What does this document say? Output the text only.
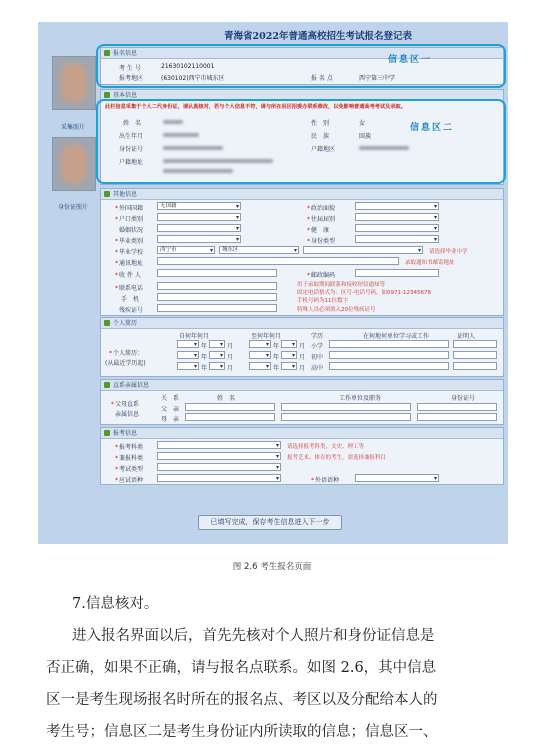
青海省2022年普通高校招生考试报名登记表
采集照片
身份证照片
报名信息
考 生 号	21630102110001
报考地区	(630102)西宁市城东区	报 名 点	西宁第三中学
基本信息
此栏信息采集于个人二代身份证，请认真核对，若与个人信息不符，请与所在县区招委办联系修改，以免影响普通高考考试及录取。
姓　名	性　别	女
出生年月	民　族	回族
身份证号	户籍地区
户籍地址
信息区一
信息区二
其他信息
* 外国国籍	无国籍 ▾	* 政治面貌
▾
* 户口类别 ▾	* 往届届别
▾
婚姻状况 ▾	* 健　康
▾
* 毕业类别 ▾	* 身份类型
▾
* 毕业学校	西宁市 ▾	城东区 ▾ ▾	请选择毕业中学
* 通讯地址	录取通知书邮寄地址
* 收 件 人	* 邮政编码
* 联系电话	用于录取期间联系和接收短信通知等
固定电话格式为：区号-电话号码，如0971-12345678
手机号码为11位数字
手　机
残疾证号	特殊人员必须填入20位残疾证号
个人简历
自何年何月	至何年何月	学历	在何地何单位学习或工作	证明人
* 个人简历：
(从最近学历起)
▾
年 ▾	月 ▾	年 ▾	月 小学
▾
年 ▾	月 ▾	年 ▾	月 初中
▾
年 ▾	月 ▾	年 ▾	月 高中
直系亲属信息
* 父母直系
亲属信息
关　系	姓　名	工作单位及职务	身份证号
父　亲
母　亲
报考信息
* 报考科类 ▾	请选择报考科类，文史、理工等
* 兼报科类 ▾	报考艺术、体育的考生，需选择兼报科目
* 考试类型
▾
* 应试语种 ▾	* 外语语种
▾
已填写完成，保存考生信息进入下一步
图 2.6 考生报名页面
7.信息核对。
进入报名界面以后，首先先核对个人照片和身份证信息是
否正确，如果不正确，请与报名点联系。如图 2.6，其中信息
区一是考生现场报名时所在的报名点、考区以及分配给本人的
考生号；信息区二是考生身份证内所读取的信息；信息区一、
